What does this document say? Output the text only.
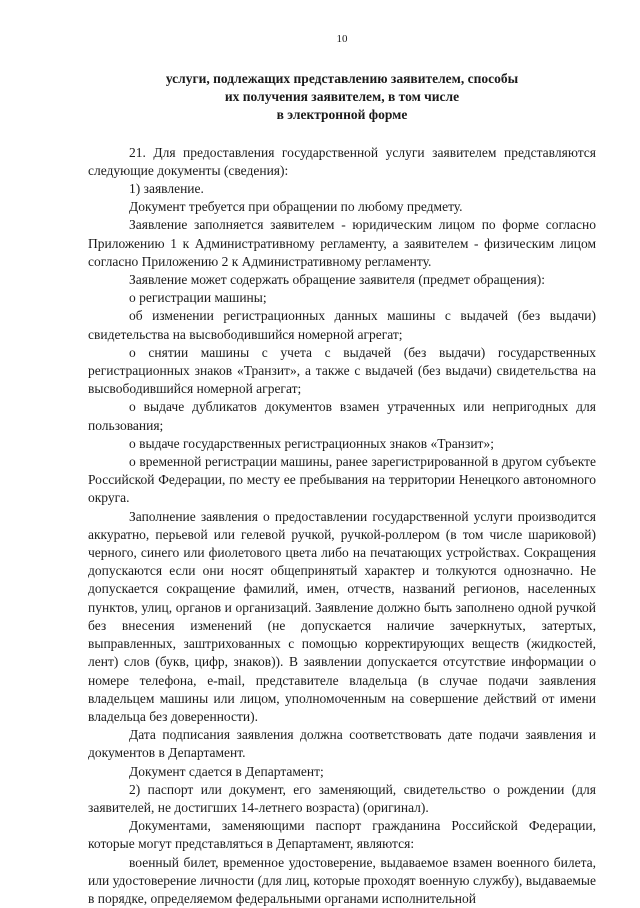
10
услуги, подлежащих представлению заявителем, способы
их получения заявителем, в том числе
в электронной форме

21. Для предоставления государственной услуги заявителем представляются следующие документы (сведения):

1) заявление.

Документ требуется при обращении по любому предмету.

Заявление заполняется заявителем - юридическим лицом по форме согласно Приложению 1 к Административному регламенту, а заявителем - физическим лицом согласно Приложению 2 к Административному регламенту.

Заявление может содержать обращение заявителя (предмет обращения):

о регистрации машины;

об изменении регистрационных данных машины с выдачей (без выдачи) свидетельства на высвободившийся номерной агрегат;

о снятии машины с учета с выдачей (без выдачи) государственных регистрационных знаков «Транзит», а также с выдачей (без выдачи) свидетельства на высвободившийся номерной агрегат;

о выдаче дубликатов документов взамен утраченных или непригодных для пользования;

о выдаче государственных регистрационных знаков «Транзит»;

о временной регистрации машины, ранее зарегистрированной в другом субъекте Российской Федерации, по месту ее пребывания на территории Ненецкого автономного округа.

Заполнение заявления о предоставлении государственной услуги производится аккуратно, перьевой или гелевой ручкой, ручкой-роллером (в том числе шариковой) черного, синего или фиолетового цвета либо на печатающих устройствах. Сокращения допускаются если они носят общепринятый характер и толкуются однозначно. Не допускается сокращение фамилий, имен, отчеств, названий регионов, населенных пунктов, улиц, органов и организаций. Заявление должно быть заполнено одной ручкой без внесения изменений (не допускается наличие зачеркнутых, затертых, выправленных, заштрихованных с помощью корректирующих веществ (жидкостей, лент) слов (букв, цифр, знаков)). В заявлении допускается отсутствие информации о номере телефона, e-mail, представителе владельца (в случае подачи заявления владельцем машины или лицом, уполномоченным на совершение действий от имени владельца без доверенности).

Дата подписания заявления должна соответствовать дате подачи заявления и документов в Департамент.

Документ сдается в Департамент;

2) паспорт или документ, его заменяющий, свидетельство о рождении (для заявителей, не достигших 14-летнего возраста) (оригинал).

Документами, заменяющими паспорт гражданина Российской Федерации, которые могут представляться в Департамент, являются:

военный билет, временное удостоверение, выдаваемое взамен военного билета, или удостоверение личности (для лиц, которые проходят военную службу), выдаваемые в порядке, определяемом федеральными органами исполнительной
